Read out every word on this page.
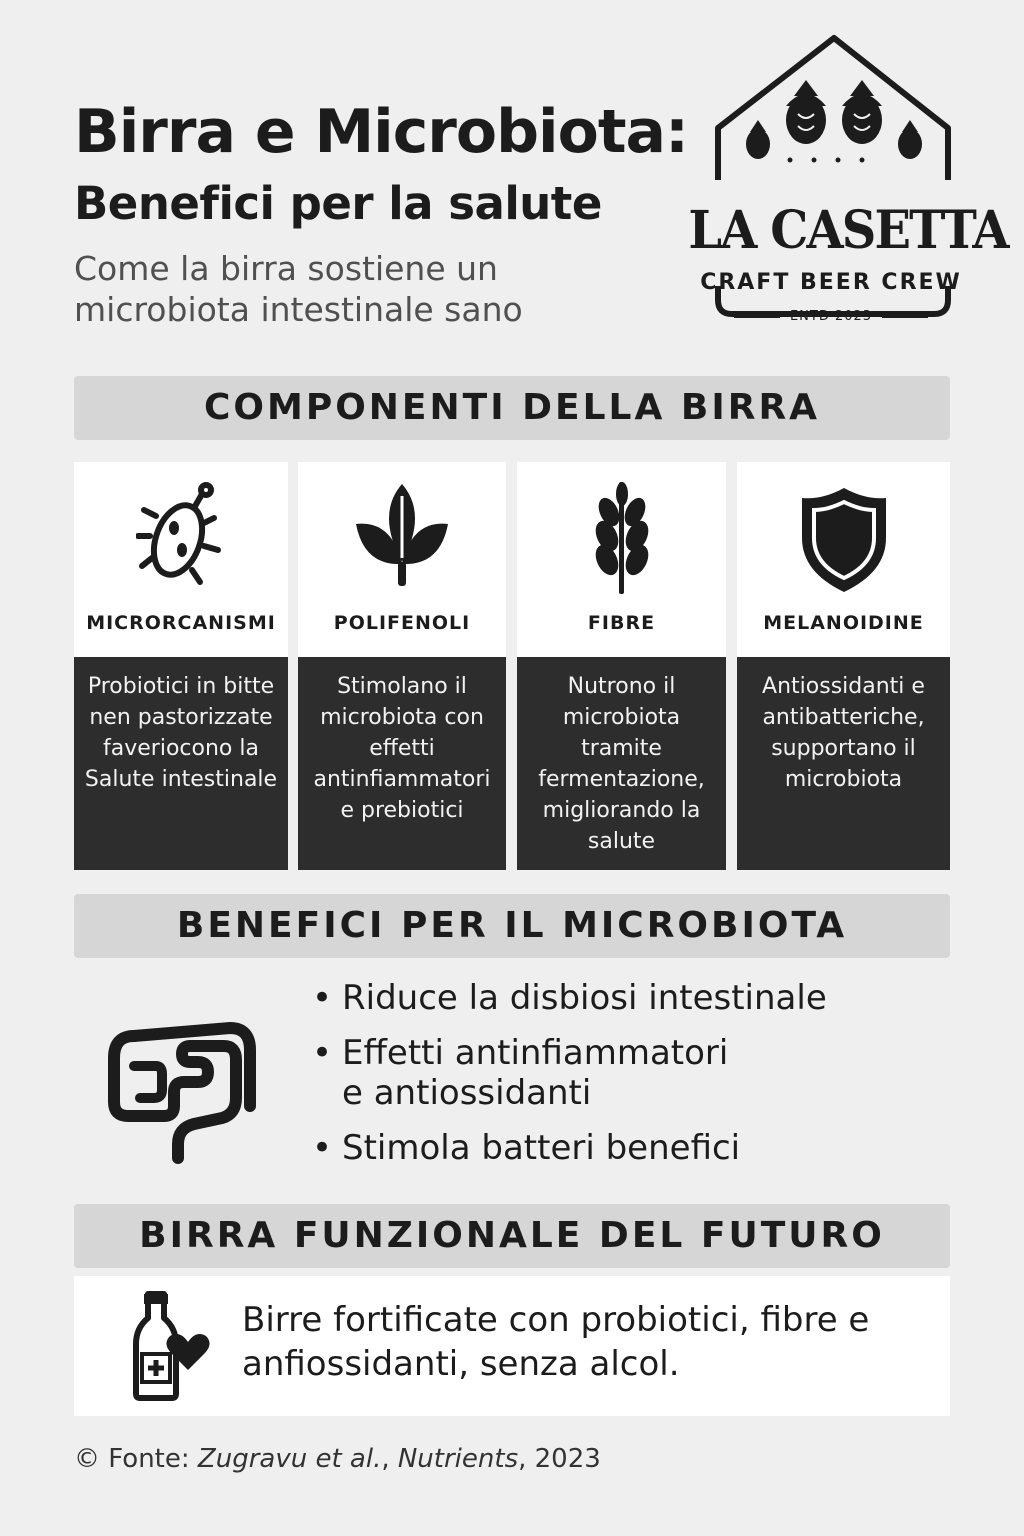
Birra e Microbiota:
Benefici per la salute
Come la birra sostiene un microbiota intestinale sano
LA CASETTA
CRAFT BEER CREW
ENTD 2023
COMPONENTI DELLA BIRRA
MICRORCANISMI
Probiotici in bitte nen pastorizzate faveriocono la Salute intestinale
POLIFENOLI
Stimolano il microbiota con effetti antinfiammatori e prebiotici
FIBRE
Nutrono il microbiota tramite fermentazione, migliorando la salute
MELANOIDINE
Antiossidanti e antibatteriche, supportano il microbiota
BENEFICI PER IL MICROBIOTA
• Riduce la disbiosi intestinale
• Effetti antinfiammatori e antiossidanti
• Stimola batteri benefici
BIRRA FUNZIONALE DEL FUTURO
Birre fortificate con probiotici, fibre e anfiossidanti, senza alcol.
© Fonte: Zugravu et al., Nutrients, 2023
